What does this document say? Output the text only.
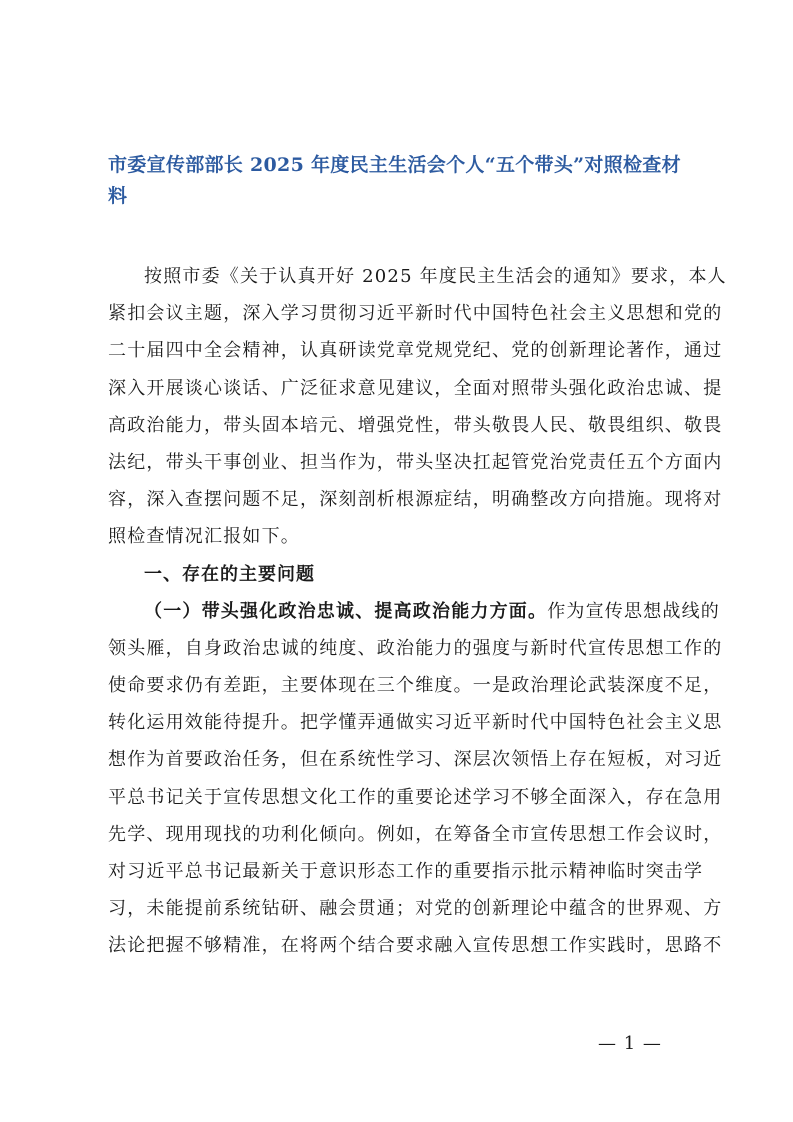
市委宣传部部长 2025 年度民主生活会个人“五个带头”对照检查材料
按照市委《关于认真开好 2025 年度民主生活会的通知》要求，本人
紧扣会议主题，深入学习贯彻习近平新时代中国特色社会主义思想和党的
二十届四中全会精神，认真研读党章党规党纪、党的创新理论著作，通过
深入开展谈心谈话、广泛征求意见建议，全面对照带头强化政治忠诚、提
高政治能力，带头固本培元、增强党性，带头敬畏人民、敬畏组织、敬畏
法纪，带头干事创业、担当作为，带头坚决扛起管党治党责任五个方面内
容，深入查摆问题不足，深刻剖析根源症结，明确整改方向措施。现将对
照检查情况汇报如下。
一、存在的主要问题
（一）带头强化政治忠诚、提高政治能力方面。作为宣传思想战线的
领头雁，自身政治忠诚的纯度、政治能力的强度与新时代宣传思想工作的
使命要求仍有差距，主要体现在三个维度。一是政治理论武装深度不足，
转化运用效能待提升。把学懂弄通做实习近平新时代中国特色社会主义思
想作为首要政治任务，但在系统性学习、深层次领悟上存在短板，对习近
平总书记关于宣传思想文化工作的重要论述学习不够全面深入，存在急用
先学、现用现找的功利化倾向。例如，在筹备全市宣传思想工作会议时，
对习近平总书记最新关于意识形态工作的重要指示批示精神临时突击学
习，未能提前系统钻研、融会贯通；对党的创新理论中蕴含的世界观、方
法论把握不够精准，在将两个结合要求融入宣传思想工作实践时，思路不
— 1 —
